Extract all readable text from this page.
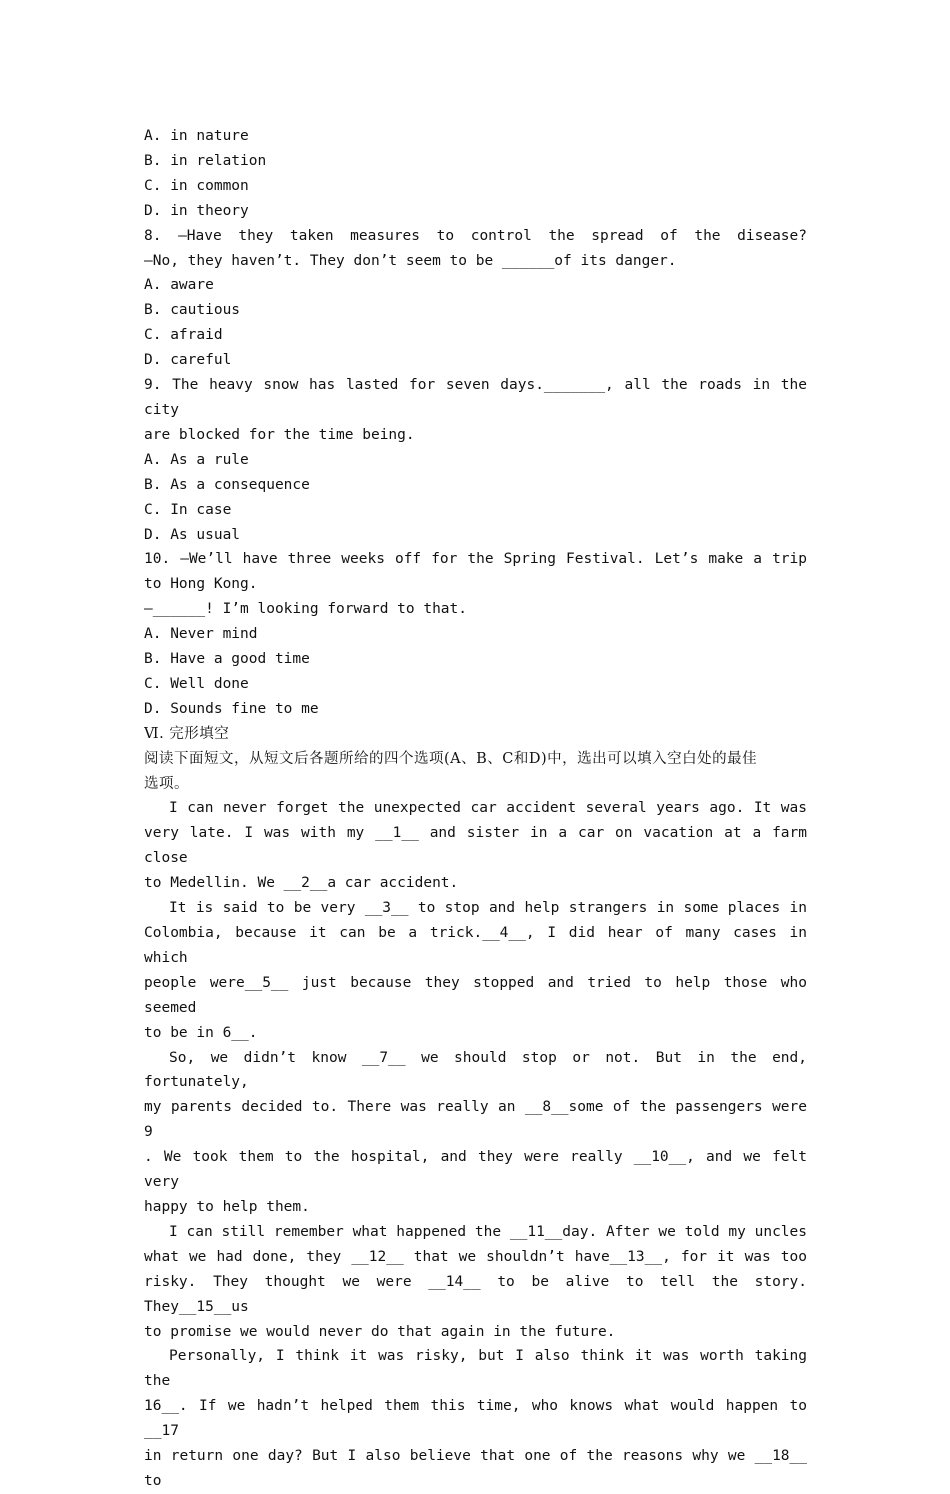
A. in nature
B. in relation
C. in common
D. in theory
8. —Have they taken measures to control the spread of the disease?
—No, they haven’t. They don’t seem to be ______of its danger.
A. aware
B. cautious
C. afraid
D. careful
9. The heavy snow has lasted for seven days._______, all the roads in the city
are blocked for the time being.
A. As a rule
B. As a consequence
C. In case
D. As usual
10. —We’ll have three weeks off for the Spring Festival. Let’s make a trip
to Hong Kong.
—______! I’m looking forward to that.
A. Never mind
B. Have a good time
C. Well done
D. Sounds fine to me
Ⅵ. 完形填空
阅读下面短文，从短文后各题所给的四个选项(A、B、C和D)中，选出可以填入空白处的最佳
选项。
I can never forget the unexpected car accident several years ago. It was
very late. I was with my __1__ and sister in a car on vacation at a farm close
to Medellin. We __2__a car accident.
It is said to be very __3__ to stop and help strangers in some places in
Colombia, because it can be a trick.__4__, I did hear of many cases in which
people were__5__ just because they stopped and tried to help those who seemed
to be in 6__.
So, we didn’t know __7__ we should stop or not. But in the end, fortunately,
my parents decided to. There was really an __8__some of the passengers were 9
. We took them to the hospital, and they were really __10__, and we felt very
happy to help them.
I can still remember what happened the __11__day. After we told my uncles
what we had done, they __12__ that we shouldn’t have__13__, for it was too
risky. They thought we were __14__ to be alive to tell the story. They__15__us
to promise we would never do that again in the future.
Personally, I think it was risky, but I also think it was worth taking the
16__. If we hadn’t helped them this time, who knows what would happen to __17
in return one day? But I also believe that one of the reasons why we __18__ to
